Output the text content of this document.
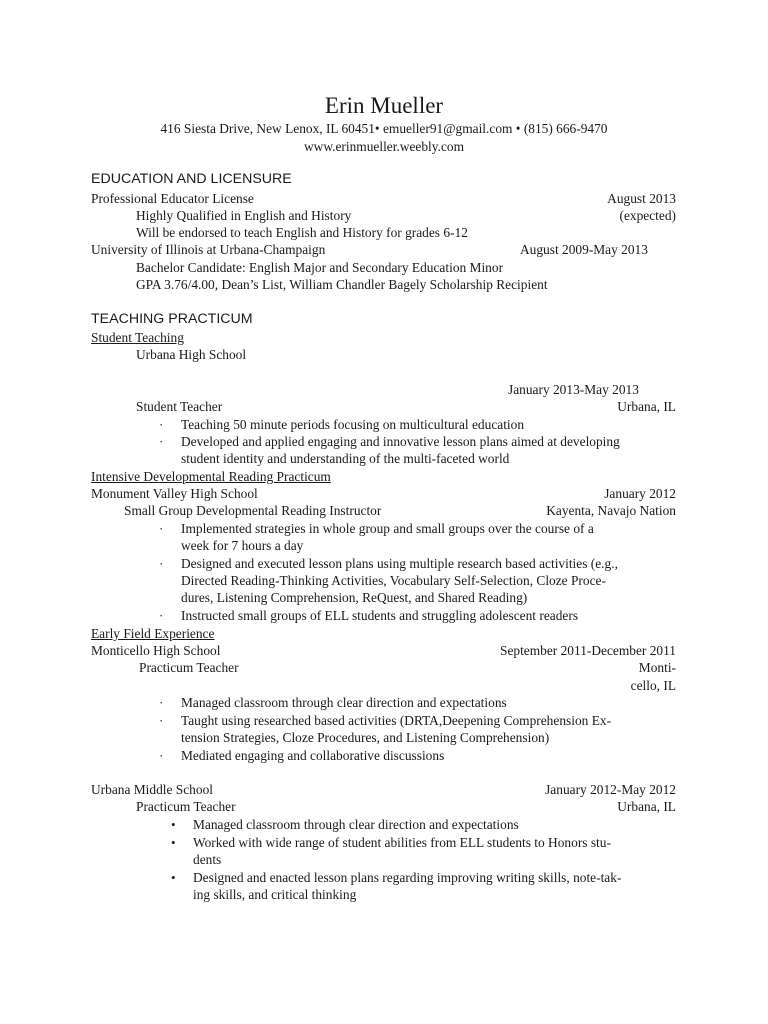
Erin Mueller
416 Siesta Drive, New Lenox, IL 60451• emueller91@gmail.com • (815) 666-9470
www.erinmueller.weebly.com
EDUCATION AND LICENSURE
Professional Educator License	August 2013
Highly Qualified in English and History	(expected)
Will be endorsed to teach English and History for grades 6-12
University of Illinois at Urbana-Champaign	August 2009-May 2013
Bachelor Candidate: English Major and Secondary Education Minor
GPA 3.76/4.00, Dean’s List, William Chandler Bagely Scholarship Recipient
TEACHING PRACTICUM
Student Teaching
Urbana High School
January 2013-May 2013
Student Teacher	Urbana, IL
· Teaching 50 minute periods focusing on multicultural education
· Developed and applied engaging and innovative lesson plans aimed at developing
student identity and understanding of the multi-faceted world
Intensive Developmental Reading Practicum
Monument Valley High School	January 2012
Small Group Developmental Reading Instructor	Kayenta, Navajo Nation
· Implemented strategies in whole group and small groups over the course of a
week for 7 hours a day
· Designed and executed lesson plans using multiple research based activities (e.g.,
Directed Reading-Thinking Activities, Vocabulary Self-Selection, Cloze Proce-
dures, Listening Comprehension, ReQuest, and Shared Reading)
· Instructed small groups of ELL students and struggling adolescent readers
Early Field Experience
Monticello High School	September 2011-December 2011
Practicum Teacher	Monti-
cello, IL
· Managed classroom through clear direction and expectations
· Taught using researched based activities (DRTA,Deepening Comprehension Ex-
tension Strategies, Cloze Procedures, and Listening Comprehension)
· Mediated engaging and collaborative discussions
Urbana Middle School	January 2012-May 2012
Practicum Teacher	Urbana, IL
• Managed classroom through clear direction and expectations
• Worked with wide range of student abilities from ELL students to Honors stu-
dents
• Designed and enacted lesson plans regarding improving writing skills, note-tak-
ing skills, and critical thinking
